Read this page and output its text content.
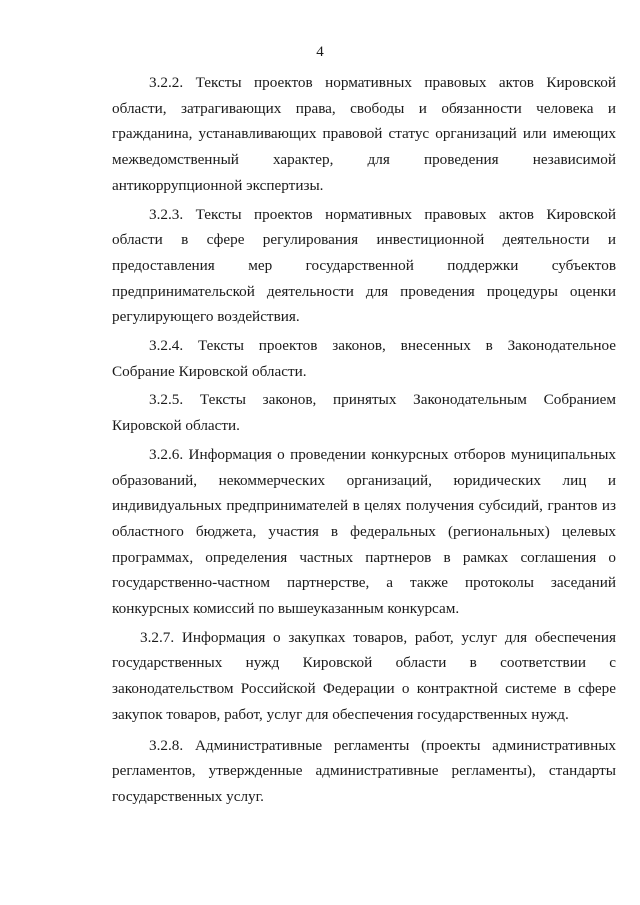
4

3.2.2. Тексты проектов нормативных правовых актов Кировской области, затрагивающих права, свободы и обязанности человека и гражданина, устанавливающих правовой статус организаций или имеющих межведомственный характер, для проведения независимой антикоррупционной экспертизы.

3.2.3. Тексты проектов нормативных правовых актов Кировской области в сфере регулирования инвестиционной деятельности и предоставления мер государственной поддержки субъектов предпринимательской деятельности для проведения процедуры оценки регулирующего воздействия.

3.2.4. Тексты проектов законов, внесенных в Законодательное Собрание Кировской области.

3.2.5. Тексты законов, принятых Законодательным Собранием Кировской области.

3.2.6. Информация о проведении конкурсных отборов муниципальных образований, некоммерческих организаций, юридических лиц и индивидуальных предпринимателей в целях получения субсидий, грантов из областного бюджета, участия в федеральных (региональных) целевых программах, определения частных партнеров в рамках соглашения о государственно-частном партнерстве, а также протоколы заседаний конкурсных комиссий по вышеуказанным конкурсам.

3.2.7. Информация о закупках товаров, работ, услуг для обеспечения государственных нужд Кировской области в соответствии с законодательством Российской Федерации о контрактной системе в сфере закупок товаров, работ, услуг для обеспечения государственных нужд.

3.2.8. Административные регламенты (проекты административных регламентов, утвержденные административные регламенты), стандарты государственных услуг.
